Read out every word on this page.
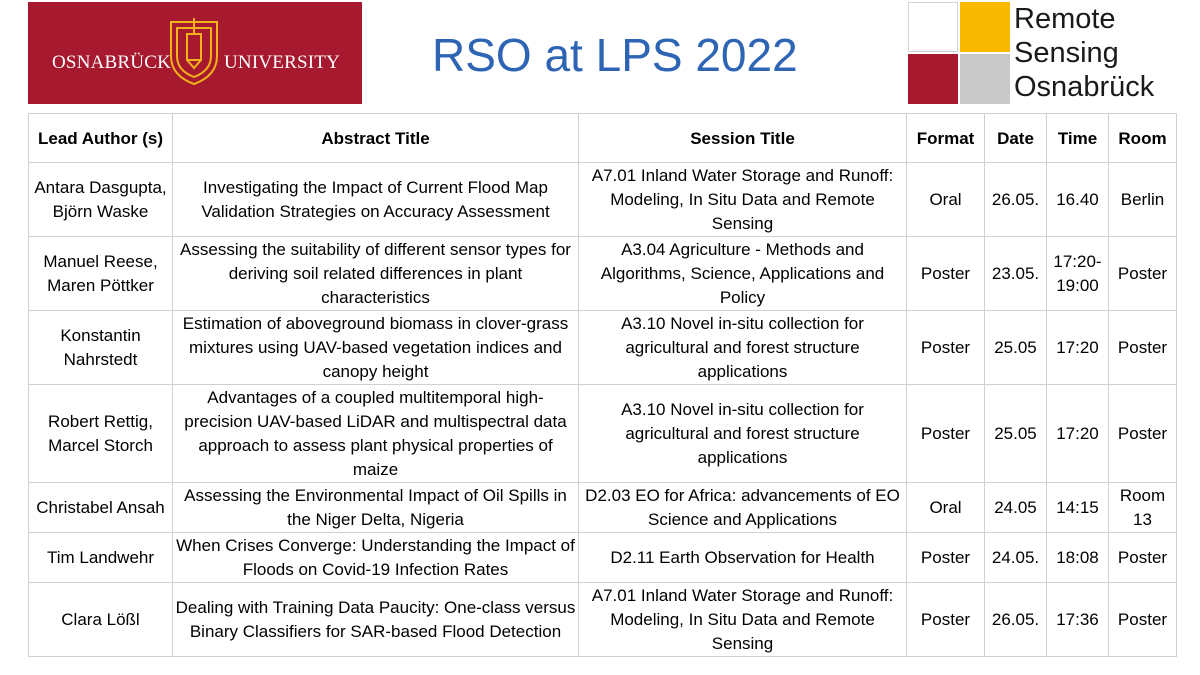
OSNABRÜCK	UNIVERSITY RSO at LPS 2022
Remote
Sensing
Osnabrück
Lead Author (s)	Abstract Title	Session Title	Format	Date	Time	Room
Antara Dasgupta, Björn Waske	Investigating the Impact of Current Flood Map Validation Strategies on Accuracy Assessment	A7.01 Inland Water Storage and Runoff: Modeling, In Situ Data and Remote Sensing	Oral	26.05.	16.40	Berlin
Manuel Reese, Maren Pöttker	Assessing the suitability of different sensor types for deriving soil related differences in plant characteristics	A3.04 Agriculture - Methods and Algorithms, Science, Applications and Policy	Poster	23.05.	17:20- 19:00	Poster
Konstantin Nahrstedt	Estimation of aboveground biomass in clover-grass mixtures using UAV-based vegetation indices and canopy height	A3.10 Novel in-situ collection for agricultural and forest structure applications	Poster	25.05	17:20	Poster
Robert Rettig, Marcel Storch	Advantages of a coupled multitemporal high-precision UAV-based LiDAR and multispectral data approach to assess plant physical properties of maize	A3.10 Novel in-situ collection for agricultural and forest structure applications	Poster	25.05	17:20	Poster
Christabel Ansah	Assessing the Environmental Impact of Oil Spills in the Niger Delta, Nigeria	D2.03 EO for Africa: advancements of EO Science and Applications	Oral	24.05	14:15	Room 13
Tim Landwehr	When Crises Converge: Understanding the Impact of Floods on Covid-19 Infection Rates	D2.11 Earth Observation for Health	Poster	24.05.	18:08	Poster
Clara Lößl	Dealing with Training Data Paucity: One-class versus Binary Classifiers for SAR-based Flood Detection	A7.01 Inland Water Storage and Runoff: Modeling, In Situ Data and Remote Sensing	Poster	26.05.	17:36	Poster
